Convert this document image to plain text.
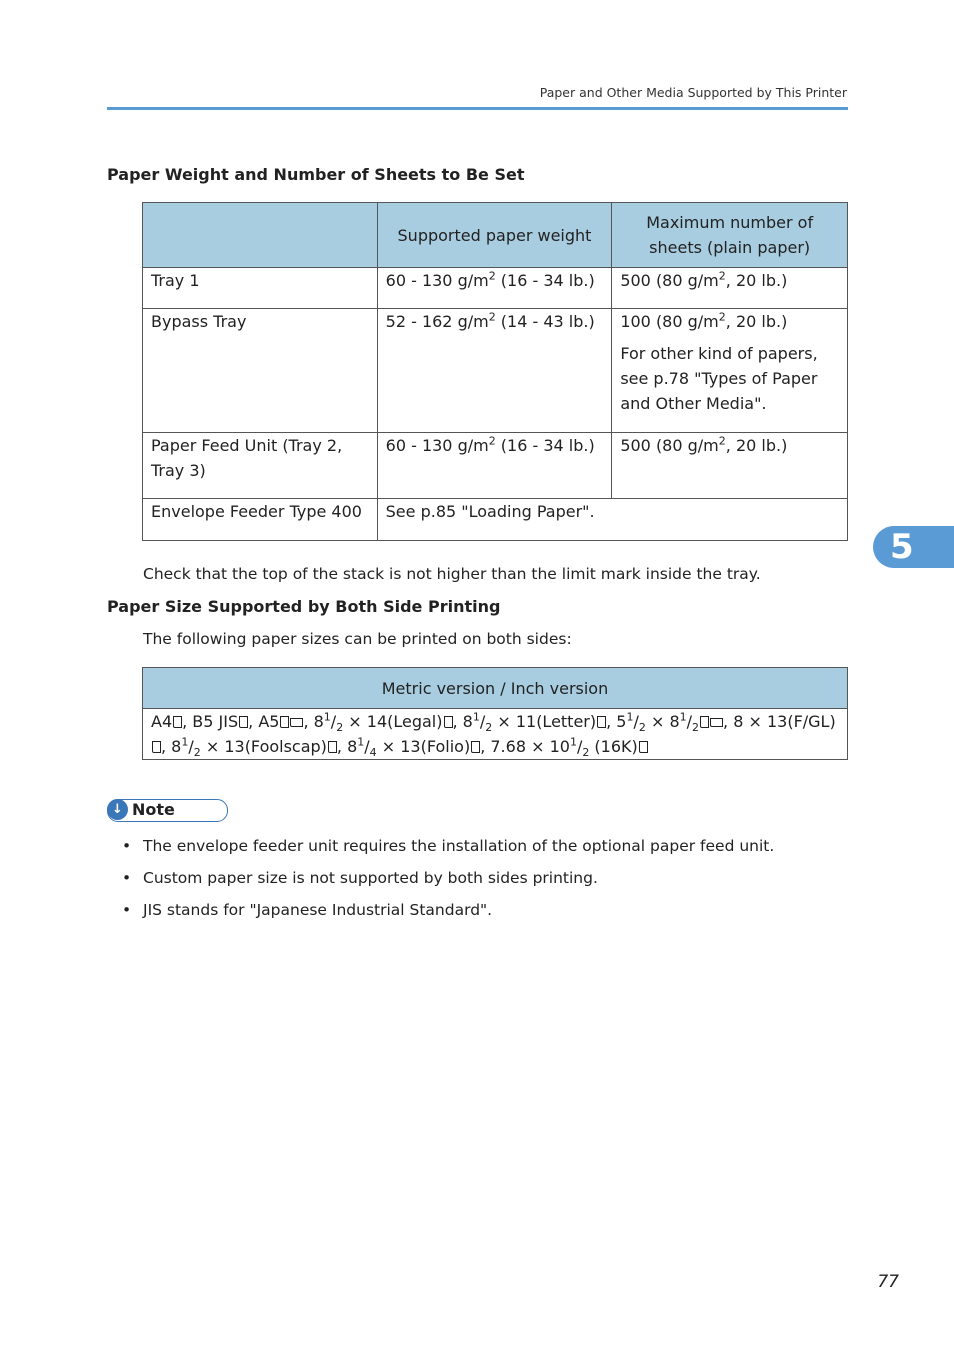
Paper and Other Media Supported by This Printer
Paper Weight and Number of Sheets to Be Set
	Supported paper weight	Maximum number of sheets (plain paper)
Tray 1	60 - 130 $g/m^2$ (16 - 34 lb.)	500 (80 $g/m^2$, 20 lb.)
Bypass Tray	52 - 162 $g/m^2$ (14 - 43 lb.)	100 (80 $g/m^2$, 20 lb.)
For other kind of papers, see p.78 "Types of Paper and Other Media".

Paper Feed Unit (Tray 2, Tray 3)	60 - 130 $g/m^2$ (16 - 34 lb.)	500 (80 $g/m^2$, 20 lb.)
Envelope Feeder Type 400	See p.85 "Loading Paper".	
Check that the top of the stack is not higher than the limit mark inside the tray.
Paper Size Supported by Both Side Printing
The following paper sizes can be printed on both sides:
Metric version / Inch version
A4 , B5 JIS , A5 , $8^1/_2$ × 14(Legal) , $8^1/_2$ × 11(Letter) , $5^1/_2 \times 8^1/_2$ , 8 × 13(F/GL), $8^1/_2$ × 13(Foolscap) , $8^1/_4$ × 13(Folio) , $7.68 \times 10^1/_2$ (16K)
↓ Note
• The envelope feeder unit requires the installation of the optional paper feed unit.
• Custom paper size is not supported by both sides printing.
• JIS stands for "Japanese Industrial Standard".
5
77
